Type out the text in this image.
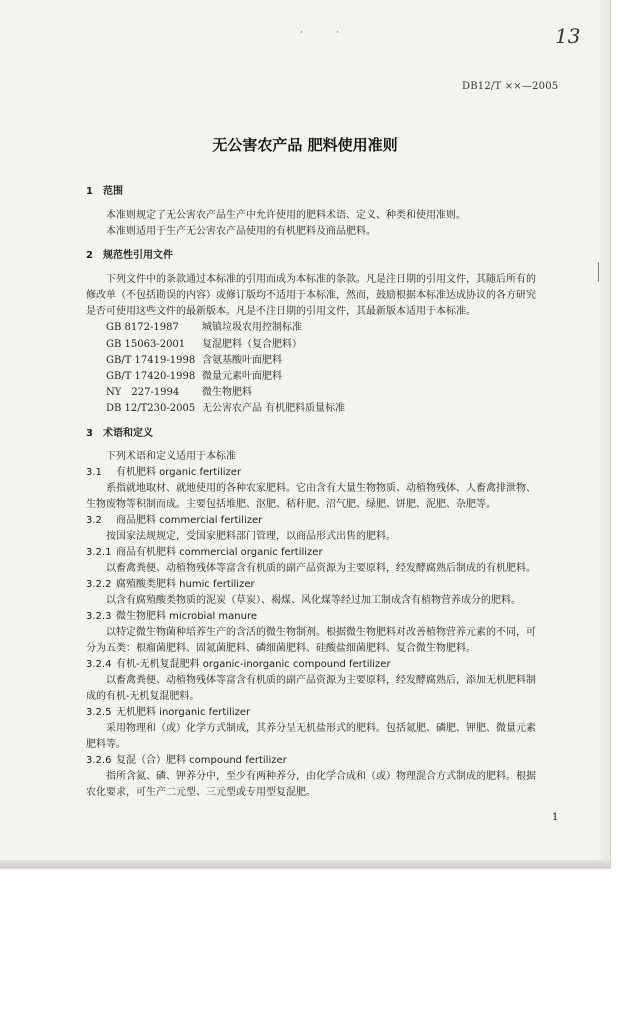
·	·	13
DB12/T ××—2005
无公害农产品 肥料使用准则
1　范围
本准则规定了无公害农产品生产中允许使用的肥料术语、定义、种类和使用准则。
本准则适用于生产无公害农产品使用的有机肥料及商品肥料。
2　规范性引用文件
下列文件中的条款通过本标准的引用而成为本标准的条款。凡是注日期的引用文件，其随后所有的
修改单（不包括勘误的内容）或修订版均不适用于本标准，然而，鼓励根据本标准达成协议的各方研究
是否可使用这些文件的最新版本。凡是不注日期的引用文件，其最新版本适用于本标准。
GB 8172-1987 城镇垃圾农用控制标准
GB 15063-2001 复混肥料（复合肥料）
GB/T 17419-1998 含氨基酸叶面肥料
GB/T 17420-1998 微量元素叶面肥料
NY　227-1994 微生物肥料
DB 12/T230-2005 无公害农产品 有机肥料质量标准
3　术语和定义
下列术语和定义适用于本标准
3.1 有机肥料 organic fertilizer
系指就地取材、就地使用的各种农家肥料。它由含有大量生物物质、动植物残体、人畜禽排泄物、
生物废物等积制而成。主要包括堆肥、沤肥、秸秆肥、沼气肥、绿肥、饼肥、泥肥、杂肥等。
3.2 商品肥料 commercial fertilizer
按国家法规规定，受国家肥料部门管理，以商品形式出售的肥料。
3.2.1 商品有机肥料 commercial organic fertilizer
以畜禽粪便、动植物残体等富含有机质的副产品资源为主要原料，经发酵腐熟后制成的有机肥料。
3.2.2 腐殖酸类肥料 humic fertilizer
以含有腐殖酸类物质的泥炭（草炭）、褐煤、风化煤等经过加工制成含有植物营养成分的肥料。
3.2.3 微生物肥料 microbial manure
以特定微生物菌种培养生产的含活的微生物制剂。根据微生物肥料对改善植物营养元素的不同，可
分为五类：根瘤菌肥料、固氮菌肥料、磷细菌肥料、硅酸盐细菌肥料、复合微生物肥料。
3.2.4 有机-无机复混肥料 organic-inorganic compound fertilizer
以畜禽粪便、动植物残体等富含有机质的副产品资源为主要原料，经发酵腐熟后，添加无机肥料制
成的有机-无机复混肥料。
3.2.5 无机肥料 inorganic fertilizer
采用物理和（或）化学方式制成，其养分呈无机盐形式的肥料。包括氮肥、磷肥、钾肥、微量元素
肥料等。
3.2.6 复混（合）肥料 compound fertilizer
指所含氮、磷、钾养分中，至少有两种养分，由化学合成和（或）物理混合方式制成的肥料。根据
农化要求，可生产二元型、三元型或专用型复混肥。
1
